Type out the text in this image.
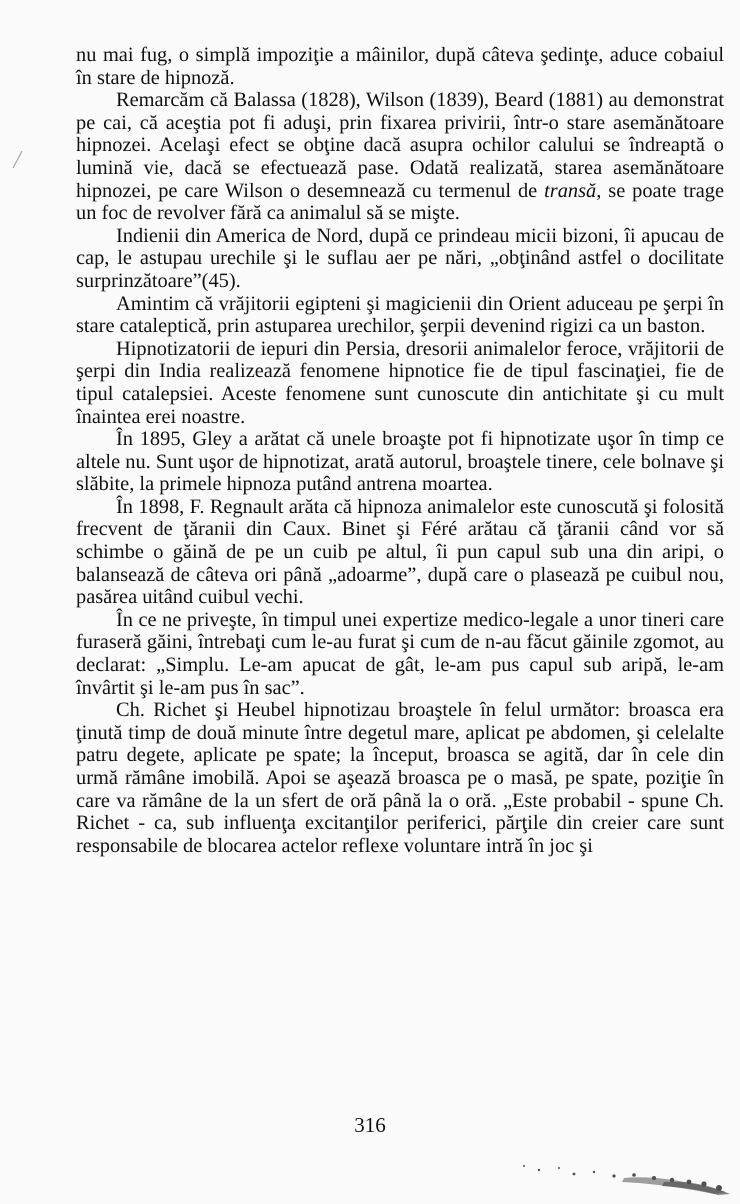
nu mai fug, o simplă impoziţie a mâinilor, după câteva şedinţe, aduce cobaiul în stare de hipnoză.

Remarcăm că Balassa (1828), Wilson (1839), Beard (1881) au demonstrat pe cai, că aceştia pot fi aduşi, prin fixarea privirii, într-o stare asemănătoare hipnozei. Acelaşi efect se obţine dacă asupra ochilor calului se îndreaptă o lumină vie, dacă se efectuează pase. Odată realizată, starea asemănătoare hipnozei, pe care Wilson o desemnează cu termenul de transă, se poate trage un foc de revolver fără ca animalul să se mişte.

Indienii din America de Nord, după ce prindeau micii bizoni, îi apucau de cap, le astupau urechile şi le suflau aer pe nări, „obţinând astfel o docilitate surprinzătoare”(45).

Amintim că vrăjitorii egipteni şi magicienii din Orient aduceau pe şerpi în stare cataleptică, prin astuparea urechilor, şerpii devenind rigizi ca un baston.

Hipnotizatorii de iepuri din Persia, dresorii animalelor feroce, vrăjitorii de şerpi din India realizează fenomene hipnotice fie de tipul fascinaţiei, fie de tipul catalepsiei. Aceste fenomene sunt cunoscute din antichitate şi cu mult înaintea erei noastre.

În 1895, Gley a arătat că unele broaşte pot fi hipnotizate uşor în timp ce altele nu. Sunt uşor de hipnotizat, arată autorul, broaştele tinere, cele bolnave şi slăbite, la primele hipnoza putând antrena moartea.

În 1898, F. Regnault arăta că hipnoza animalelor este cunoscută şi folosită frecvent de ţăranii din Caux. Binet şi Féré arătau că ţăranii când vor să schimbe o găină de pe un cuib pe altul, îi pun capul sub una din aripi, o balansează de câteva ori până „adoarme”, după care o plasează pe cuibul nou, pasărea uitând cuibul vechi.

În ce ne priveşte, în timpul unei expertize medico-legale a unor tineri care furaseră găini, întrebaţi cum le-au furat şi cum de n-au făcut găinile zgomot, au declarat: „Simplu. Le-am apucat de gât, le-am pus capul sub aripă, le-am învârtit şi le-am pus în sac”.

Ch. Richet şi Heubel hipnotizau broaştele în felul următor: broasca era ţinută timp de două minute între degetul mare, aplicat pe abdomen, şi celelalte patru degete, aplicate pe spate; la început, broasca se agită, dar în cele din urmă rămâne imobilă. Apoi se aşează broasca pe o masă, pe spate, poziţie în care va rămâne de la un sfert de oră până la o oră. „Este probabil - spune Ch. Richet - ca, sub influenţa excitanţilor periferici, părţile din creier care sunt responsabile de blocarea actelor reflexe voluntare intră în joc şi

316
